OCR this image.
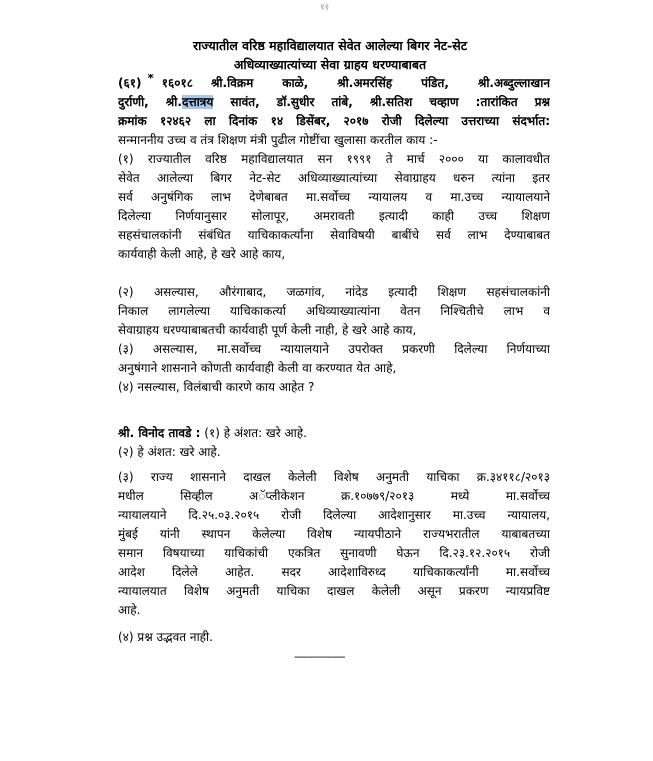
११
राज्यातील वरिष्ठ महाविद्यालयात सेवेत आलेल्या बिगर नेट-सेट
अधिव्याख्यात्यांच्या सेवा ग्राहय धरण्याबाबत
(६१) * १६०१८ श्री.विक्रम काळे, श्री.अमरसिंह पंडित, श्री.अब्दुल्लाखान
दुर्राणी, श्री.दत्तात्रय सावंत, डॉ.सुधीर तांबे, श्री.सतिश चव्हाण :तारांकित प्रश्न
क्रमांक १२४६२ ला दिनांक १४ डिसेंबर, २०१७ रोजी दिलेल्या उत्तराच्या संदर्भात:
सन्माननीय उच्च व तंत्र शिक्षण मंत्री पुढील गोष्टींचा खुलासा करतील काय :-
(१) राज्यातील वरिष्ठ महाविद्यालयात सन १९९१ ते मार्च २००० या कालावधीत
सेवेत आलेल्या बिगर नेट-सेट अधिव्याख्यात्यांच्या सेवाग्राहय धरुन त्यांना इतर
सर्व अनुषंगिक लाभ देणेबाबत मा.सर्वोच्च न्यायालय व मा.उच्च न्यायालयाने
दिलेल्या निर्णयानुसार सोलापूर, अमरावती इत्यादी काही उच्च शिक्षण
सहसंचालकांनी संबंधित याचिकाकर्त्यांना सेवाविषयी बाबींचे सर्व लाभ देण्याबाबत
कार्यवाही केली आहे, हे खरे आहे काय,
(२) असल्यास, औरंगाबाद, जळगांव, नांदेड इत्यादी शिक्षण सहसंचालकांनी
निकाल लागलेल्या याचिकाकर्त्या अधिव्याख्यात्यांना वेतन निश्चितीचे लाभ व
सेवाग्राहय धरण्याबाबतची कार्यवाही पूर्ण केली नाही, हे खरे आहे काय,
(३) असल्यास, मा.सर्वोच्च न्यायालयाने उपरोक्त प्रकरणी दिलेल्या निर्णयाच्या
अनुषंगाने शासनाने कोणती कार्यवाही केली वा करण्यात येत आहे,
(४) नसल्यास, विलंबाची कारणे काय आहेत ?
श्री. विनोद तावडे : (१) हे अंशत: खरे आहे.
(२) हे अंशत: खरे आहे.
(३) राज्य शासनाने दाखल केलेली विशेष अनुमती याचिका क्र.३४११८/२०१३
मधील सिव्हील अॅप्लीकेशन क्र.१०७७९/२०१३ मध्ये मा.सर्वोच्च
न्यायालयाने दि.२५.०३.२०१५ रोजी दिलेल्या आदेशानुसार मा.उच्च न्यायालय,
मुंबई यांनी स्थापन केलेल्या विशेष न्यायपीठाने राज्यभरातील याबाबतच्या
समान विषयाच्या याचिकांची एकत्रित सुनावणी घेऊन दि.२३.१२.२०१५ रोजी
आदेश दिलेले आहेत. सदर आदेशाविरुध्द याचिकाकर्त्यांनी मा.सर्वोच्च
न्यायालयात विशेष अनुमती याचिका दाखल केलेली असून प्रकरण न्यायप्रविष्ट
आहे.
(४) प्रश्न उद्भवत नाही.
-----------------
